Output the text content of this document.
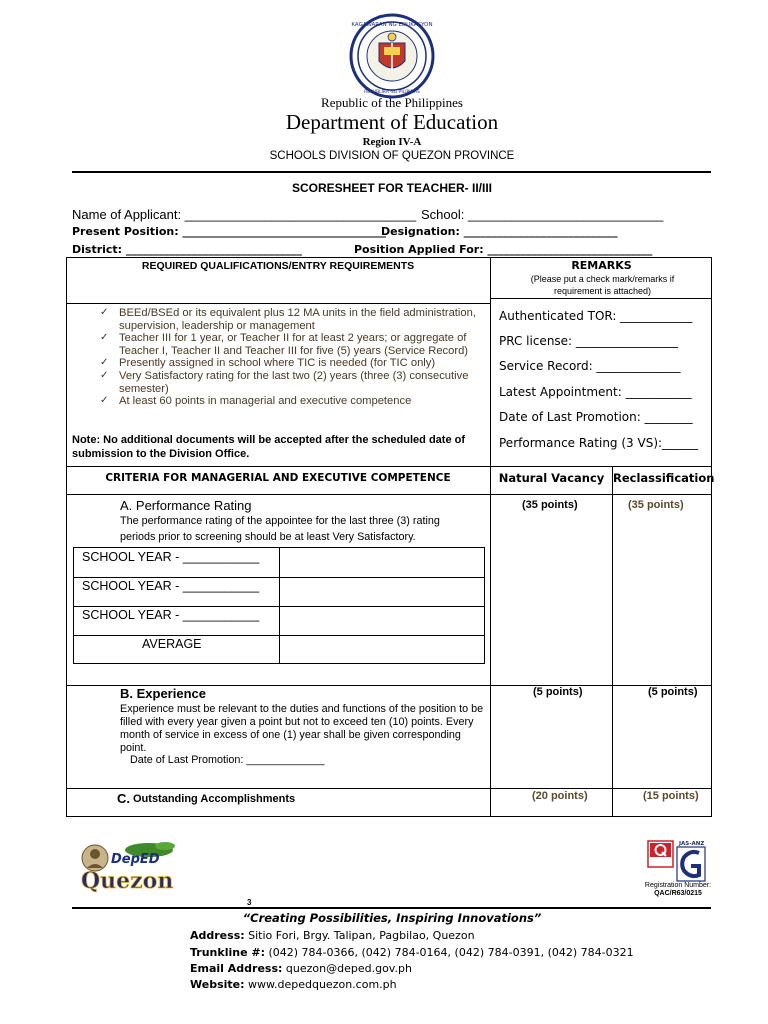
KAGAWARAN NG EDUKASYON
REPUBLIKA NG PILIPINAS
Republic of the Philippines
Department of Education
Region IV-A
SCHOOLS DIVISION OF QUEZON PROVINCE
SCORESHEET FOR TEACHER- II/III
Name of Applicant: ________________________________ School: ___________________________
Present Position: _____________________________________
Designation: ____________________________
District: ________________________________	Position Applied For: ______________________________
REQUIRED QUALIFICATIONS/ENTRY REQUIREMENTS	REMARKS
(Please put a check mark/remarks if requirement is attached)
✓ BEEd/BSEd or its equivalent plus 12 MA units in the field administration, supervision, leadership or management
✓ Teacher III for 1 year, or Teacher II for at least 2 years; or aggregate of Teacher I, Teacher II and Teacher III for five (5) years (Service Record)
✓ Presently assigned in school where TIC is needed (for TIC only)
✓ Very Satisfactory rating for the last two (2) years (three (3) consecutive semester)
✓ At least 60 points in managerial and executive competence
Note: No additional documents will be accepted after the scheduled date of submission to the Division Office.
Authenticated TOR: ____________
PRC license: _________________
Service Record: ______________
Latest Appointment: ___________
Date of Last Promotion: ________
Performance Rating (3 VS):______
CRITERIA FOR MANAGERIAL AND EXECUTIVE COMPETENCE	Natural Vacancy Reclassification
A. Performance Rating
The performance rating of the appointee for the last three (3) rating
periods prior to screening should be at least Very Satisfactory.
SCHOOL YEAR - ___________
SCHOOL YEAR - ___________
SCHOOL YEAR - ___________
AVERAGE
(35 points)	(35 points)
B. Experience
Experience must be relevant to the duties and functions of the position to be filled with every year given a point but not to exceed ten (10) points. Every month of service in excess of one (1) year shall be given corresponding point.
Date of Last Promotion: _____________
(5 points)	(5 points)
C. Outstanding Accomplishments	(20 points)	(15 points)
DepED
Quezon
JAS-ANZ
Registration Number:
QAC/R63/0215
3
“Creating Possibilities, Inspiring Innovations”
Address: Sitio Fori, Brgy. Talipan, Pagbilao, Quezon
Trunkline #: (042) 784-0366, (042) 784-0164, (042) 784-0391, (042) 784-0321
Email Address: quezon@deped.gov.ph
Website: www.depedquezon.com.ph
